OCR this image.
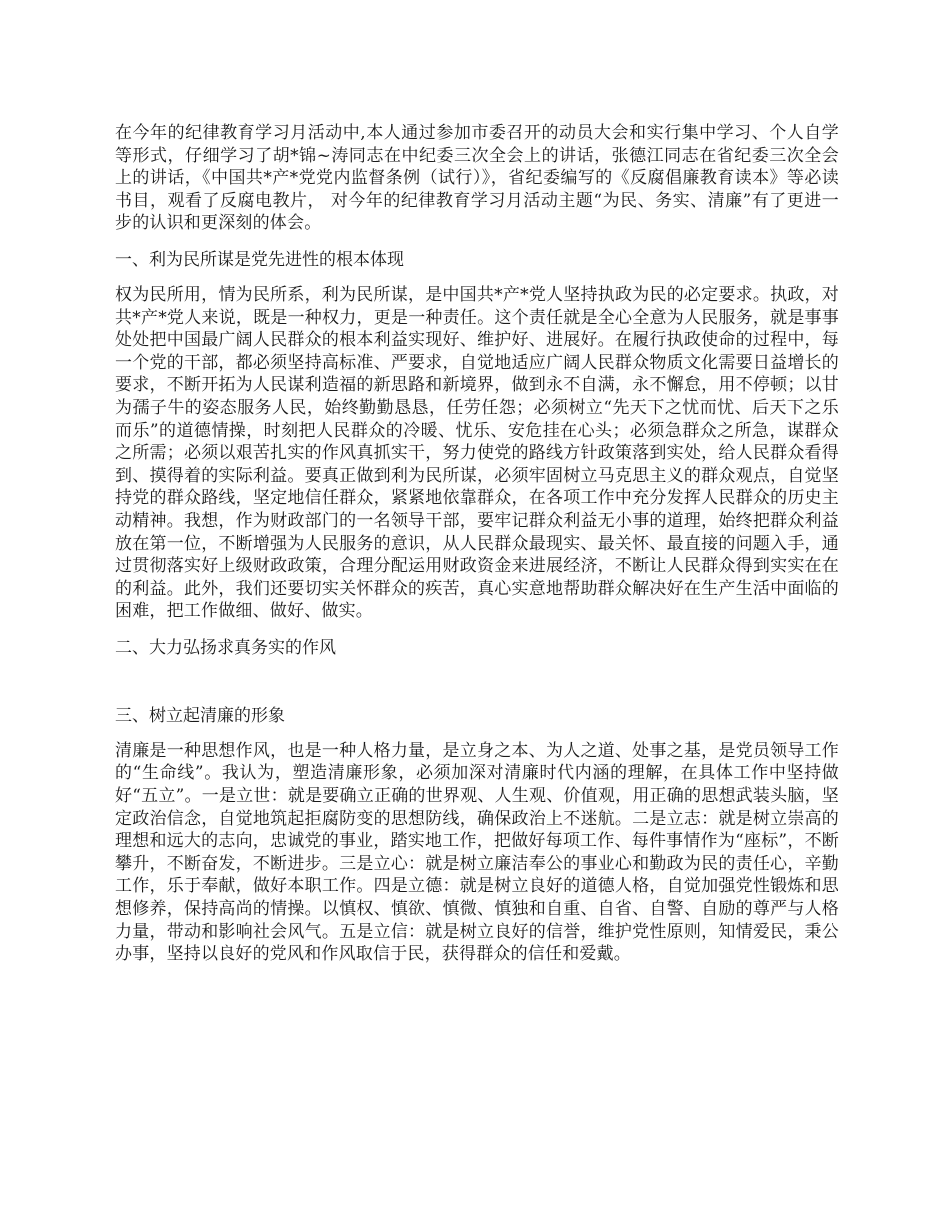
在今年的纪律教育学习月活动中,本人通过参加市委召开的动员大会和实行集中学习、个人自学等形式，仔细学习了胡*锦~涛同志在中纪委三次全会上的讲话，张德江同志在省纪委三次全会上的讲话，《中国共*产*党党内监督条例（试行）》，省纪委编写的《反腐倡廉教育读本》等必读书目，观看了反腐电教片， 对今年的纪律教育学习月活动主题“为民、务实、清廉”有了更进一步的认识和更深刻的体会。

一、利为民所谋是党先进性的根本体现

权为民所用，情为民所系，利为民所谋，是中国共*产*党人坚持执政为民的必定要求。执政，对共*产*党人来说，既是一种权力，更是一种责任。这个责任就是全心全意为人民服务，就是事事处处把中国最广阔人民群众的根本利益实现好、维护好、进展好。在履行执政使命的过程中，每一个党的干部，都必须坚持高标准、严要求，自觉地适应广阔人民群众物质文化需要日益增长的要求，不断开拓为人民谋利造福的新思路和新境界，做到永不自满，永不懈怠，用不停顿；以甘为孺子牛的姿态服务人民，始终勤勤恳恳，任劳任怨；必须树立“先天下之忧而忧、后天下之乐而乐”的道德情操，时刻把人民群众的冷暖、忧乐、安危挂在心头；必须急群众之所急，谋群众之所需；必须以艰苦扎实的作风真抓实干，努力使党的路线方针政策落到实处，给人民群众看得到、摸得着的实际利益。要真正做到利为民所谋，必须牢固树立马克思主义的群众观点，自觉坚持党的群众路线，坚定地信任群众，紧紧地依靠群众，在各项工作中充分发挥人民群众的历史主动精神。我想，作为财政部门的一名领导干部，要牢记群众利益无小事的道理，始终把群众利益放在第一位，不断增强为人民服务的意识，从人民群众最现实、最关怀、最直接的问题入手，通过贯彻落实好上级财政政策，合理分配运用财政资金来进展经济，不断让人民群众得到实实在在的利益。此外，我们还要切实关怀群众的疾苦，真心实意地帮助群众解决好在生产生活中面临的困难，把工作做细、做好、做实。

二、大力弘扬求真务实的作风

三、树立起清廉的形象

清廉是一种思想作风，也是一种人格力量，是立身之本、为人之道、处事之基，是党员领导工作的“生命线”。我认为，塑造清廉形象，必须加深对清廉时代内涵的理解，在具体工作中坚持做好“五立”。一是立世：就是要确立正确的世界观、人生观、价值观，用正确的思想武装头脑，坚定政治信念，自觉地筑起拒腐防变的思想防线，确保政治上不迷航。二是立志：就是树立崇高的理想和远大的志向，忠诚党的事业，踏实地工作，把做好每项工作、每件事情作为“座标”，不断攀升，不断奋发，不断进步。三是立心：就是树立廉洁奉公的事业心和勤政为民的责任心，辛勤工作，乐于奉献，做好本职工作。四是立德：就是树立良好的道德人格，自觉加强党性锻炼和思想修养，保持高尚的情操。以慎权、慎欲、慎微、慎独和自重、自省、自警、自励的尊严与人格力量，带动和影响社会风气。五是立信：就是树立良好的信誉，维护党性原则，知情爱民，秉公办事，坚持以良好的党风和作风取信于民，获得群众的信任和爱戴。
